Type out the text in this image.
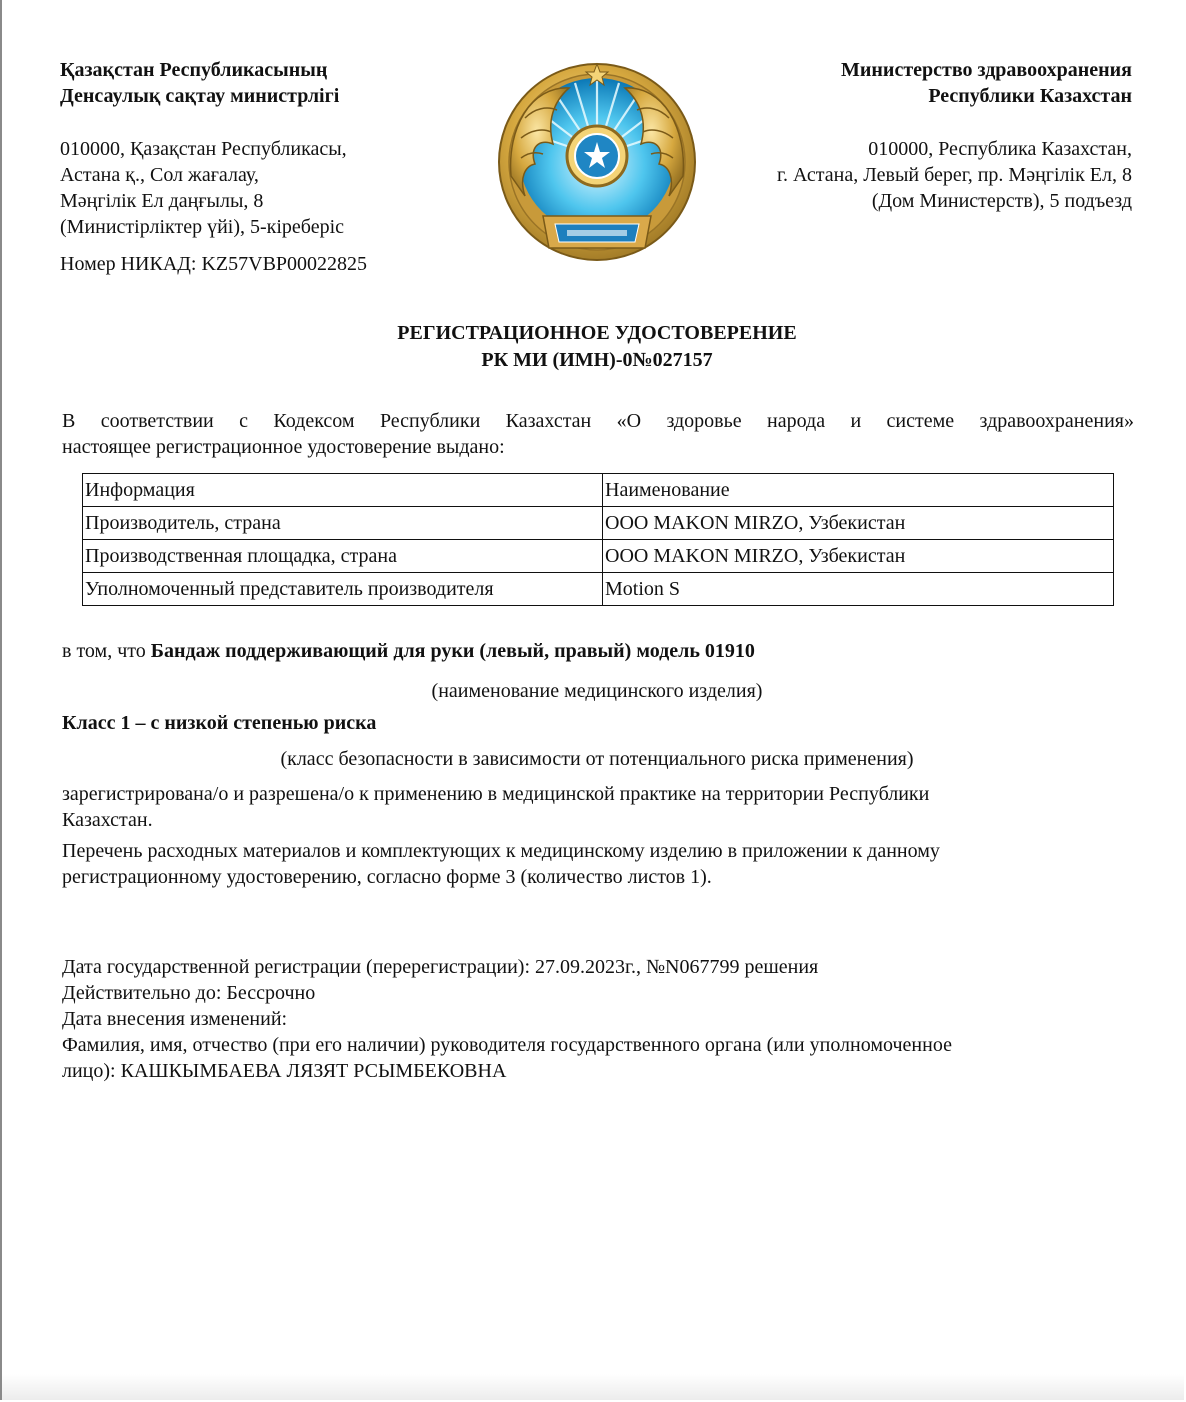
Қазақстан Республикасының
Денсаулық сақтау министрлігі
010000, Қазақстан Республикасы,
Астана қ., Сол жағалау,
Мәңгілік Ел даңғылы, 8
(Министірліктер үйі), 5-кіреберіс
Номер НИКАД: KZ57VBP00022825
Министерство здравоохранения
Республики Казахстан
010000, Республика Казахстан,
г. Астана, Левый берег, пр. Мәңгілік Ел, 8
(Дом Министерств), 5 подъезд
РЕГИСТРАЦИОННОЕ УДОСТОВЕРЕНИЕ
РК МИ (ИМН)-0№027157
В соответствии с Кодексом Республики Казахстан «О здоровье народа и системе здравоохранения»
настоящее регистрационное удостоверение выдано:
Информация	Наименование
Производитель, страна	ООО MAKON MIRZO, Узбекистан
Производственная площадка, страна	ООО MAKON MIRZO, Узбекистан
Уполномоченный представитель производителя	Motion S
в том, что Бандаж поддерживающий для руки (левый, правый) модель 01910
(наименование медицинского изделия)
Класс 1 – с низкой степенью риска
(класс безопасности в зависимости от потенциального риска применения)
зарегистрирована/о и разрешена/о к применению в медицинской практике на территории Республики
Казахстан.
Перечень расходных материалов и комплектующих к медицинскому изделию в приложении к данному
регистрационному удостоверению, согласно форме 3 (количество листов 1).
Дата государственной регистрации (перерегистрации): 27.09.2023г., №N067799 решения
Действительно до: Бессрочно
Дата внесения изменений:
Фамилия, имя, отчество (при его наличии) руководителя государственного органа (или уполномоченное
лицо): КАШКЫМБАЕВА ЛЯЗЯТ РСЫМБЕКОВНА
